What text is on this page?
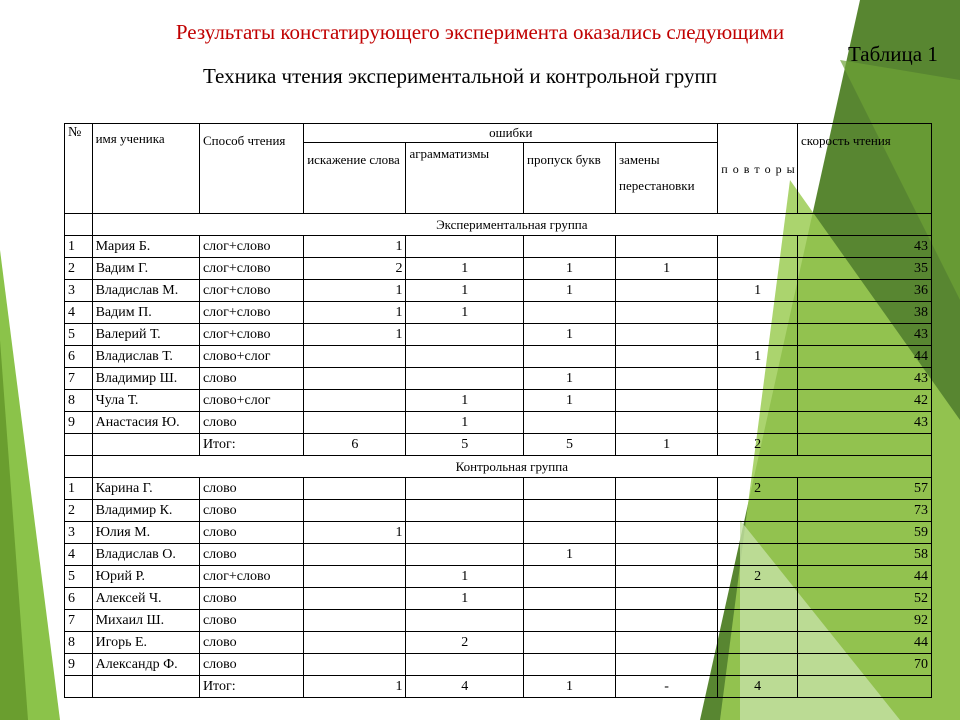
Результаты констатирующего эксперимента оказались следующими
Таблица 1
Техника чтения экспериментальной и контрольной групп
№	имя ученика	Способ чтения	ошибки				п о в т о р ы	скорость чтения
			искажение слова	аграмматизмы	пропуск букв	замены перестановки		
	Экспериментальная группа							
1	Мария Б.	слог+слово	1					43
2	Вадим Г.	слог+слово	2	1	1	1		35
3	Владислав М.	слог+слово	1	1	1		1	36
4	Вадим П.	слог+слово	1	1				38
5	Валерий Т.	слог+слово	1		1			43
6	Владислав Т.	слово+слог					1	44
7	Владимир Ш.	слово			1			43
8	Чула Т.	слово+слог		1	1			42
9	Анастасия Ю.	слово		1				43
		Итог:	6	5	5	1	2	
	Контрольная группа							
1	Карина Г.	слово					2	57
2	Владимир К.	слово						73
3	Юлия М.	слово	1					59
4	Владислав О.	слово			1			58
5	Юрий Р.	слог+слово		1			2	44
6	Алексей Ч.	слово		1				52
7	Михаил Ш.	слово						92
8	Игорь Е.	слово		2				44
9	Александр Ф.	слово						70
		Итог:	1	4	1	-	4	
